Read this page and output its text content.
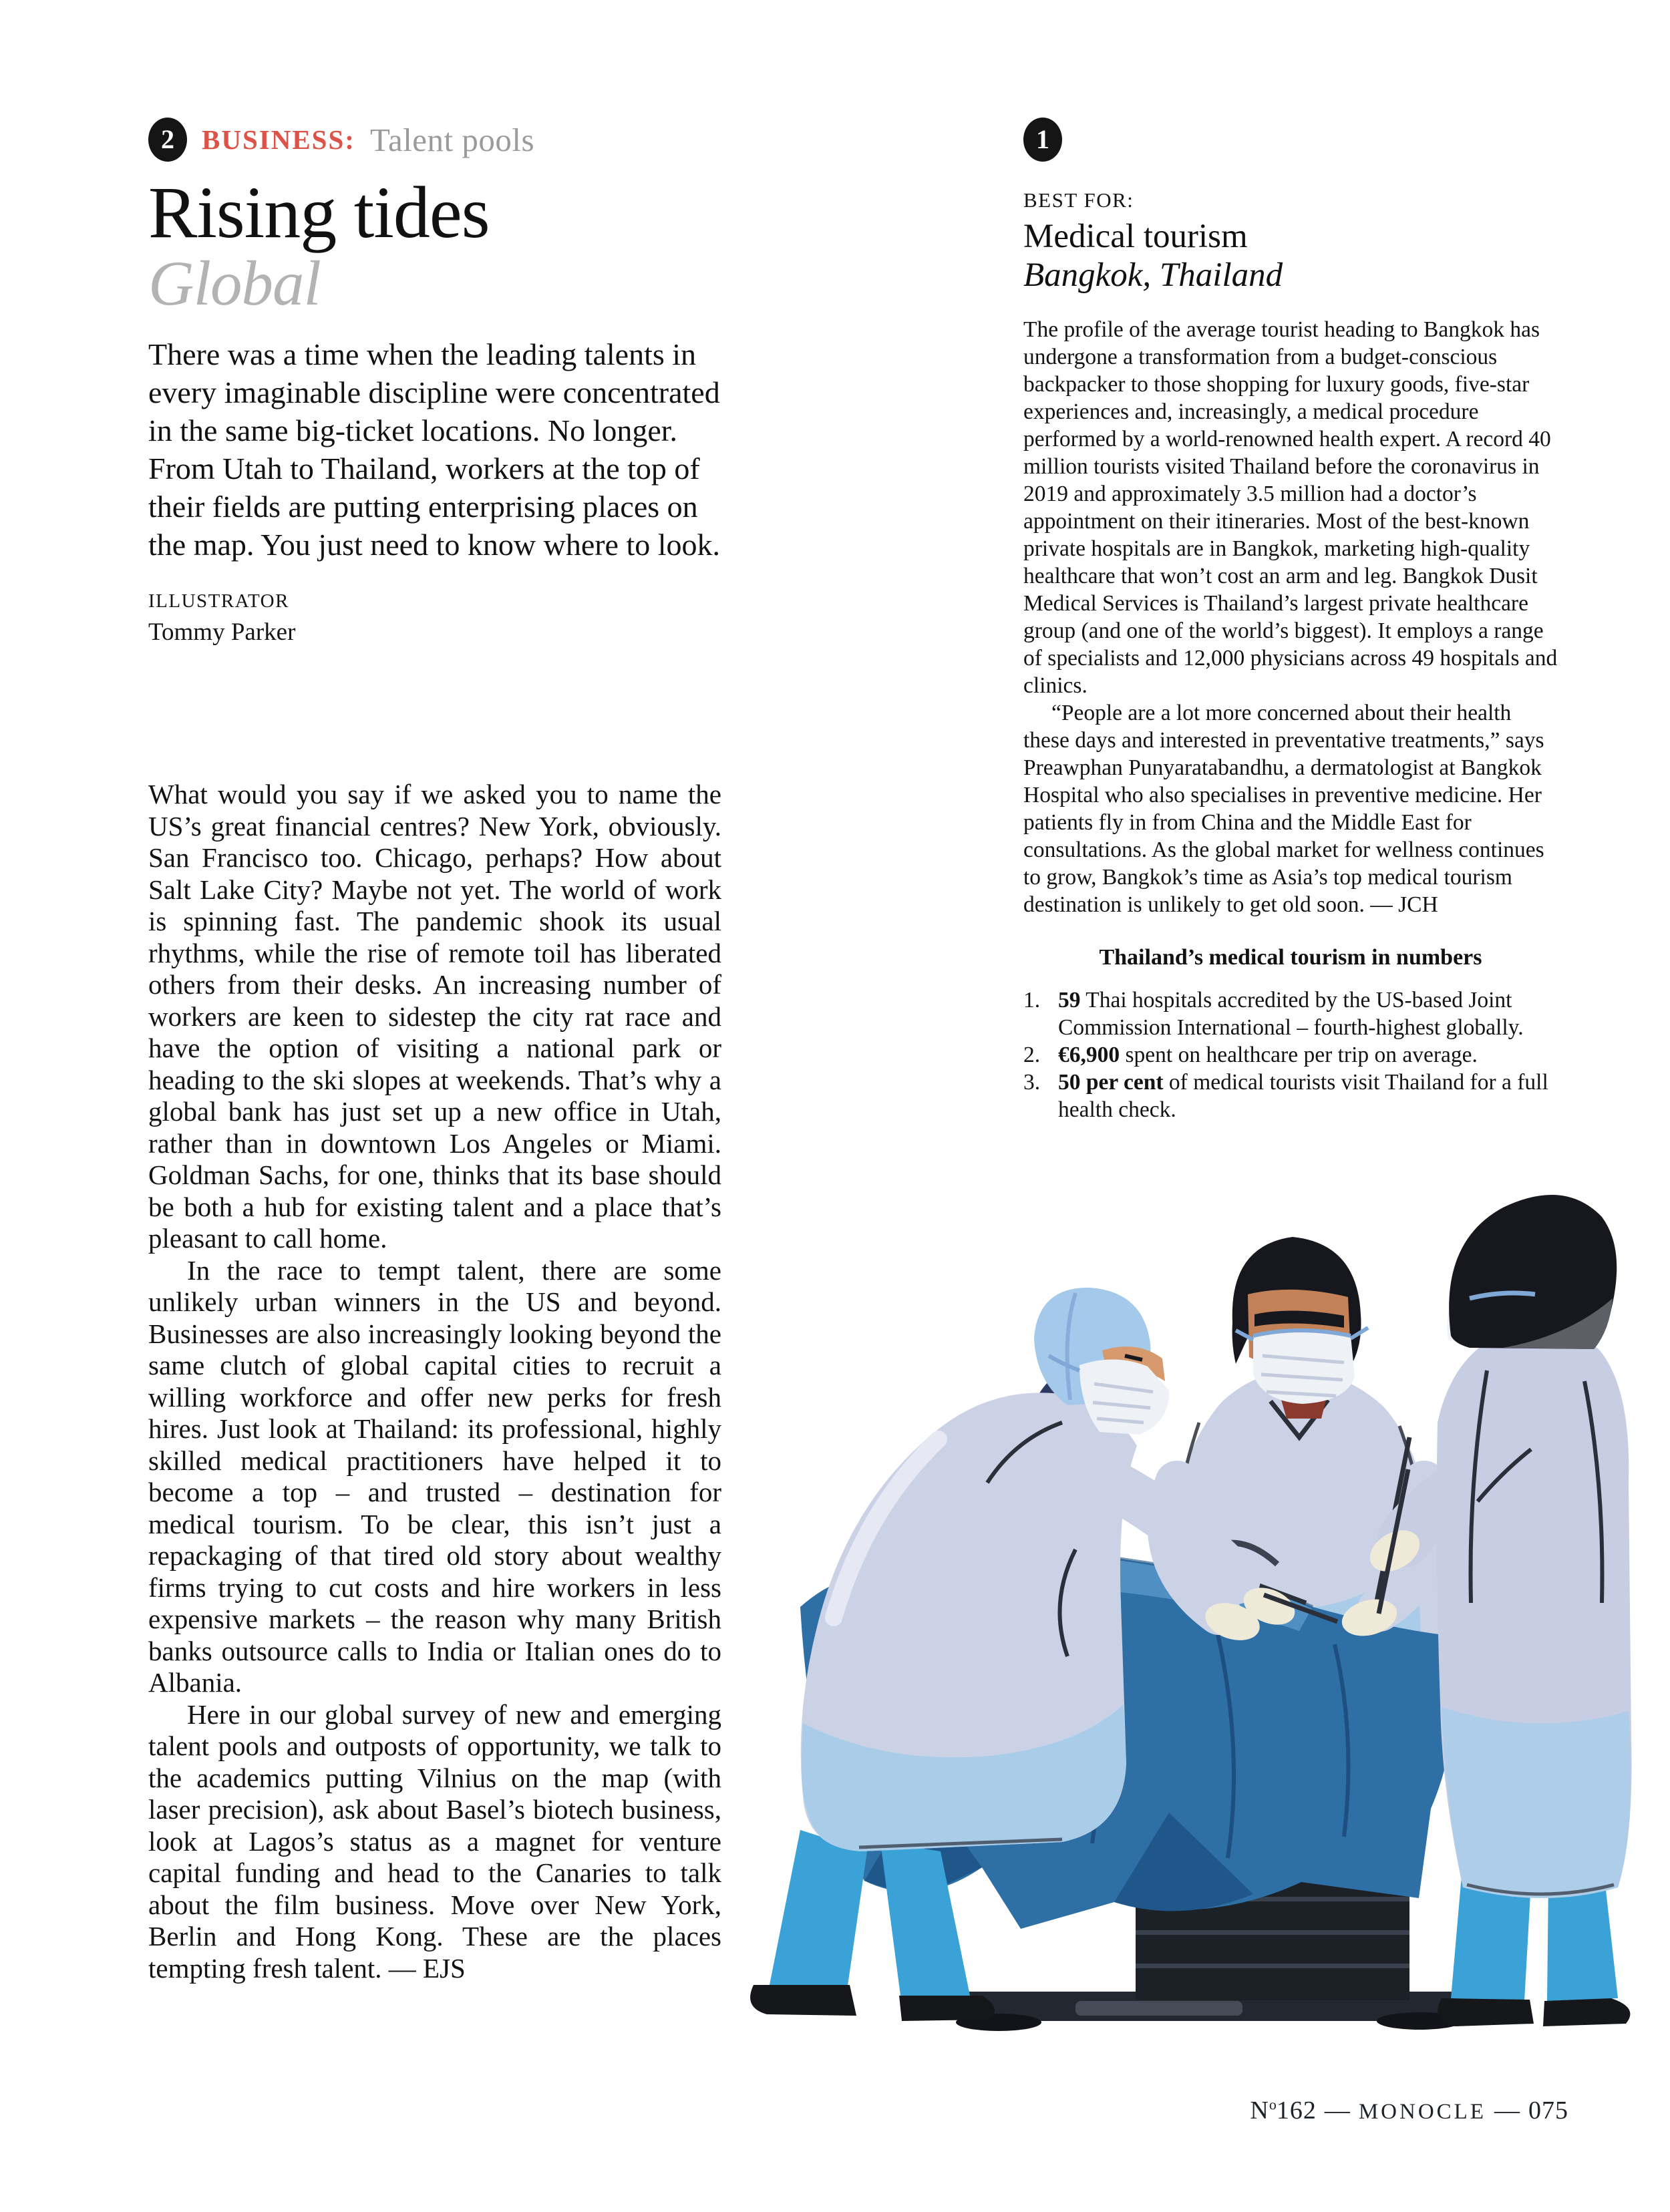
2	BUSINESS: Talent pools
Rising tides
Global

There was a time when the leading talents in every imaginable discipline were concentrated in the same big-ticket locations. No longer. From Utah to Thailand, workers at the top of their fields are putting enterprising places on the map. You just need to know where to look.

ILLUSTRATOR
Tommy Parker

What would you say if we asked you to name the US’s great financial centres? New York, obviously. San Francisco too. Chicago, perhaps? How about Salt Lake City? Maybe not yet. The world of work is spinning fast. The pandemic shook its usual rhythms, while the rise of remote toil has liberated others from their desks. An increasing number of workers are keen to sidestep the city rat race and have the option of visiting a national park or heading to the ski slopes at weekends. That’s why a global bank has just set up a new office in Utah, rather than in downtown Los Angeles or Miami. Goldman Sachs, for one, thinks that its base should be both a hub for existing talent and a place that’s pleasant to call home.

In the race to tempt talent, there are some unlikely urban winners in the US and beyond. Businesses are also increasingly looking beyond the same clutch of global capital cities to recruit a willing workforce and offer new perks for fresh hires. Just look at Thailand: its professional, highly skilled medical practitioners have helped it to become a top – and trusted – destination for medical tourism. To be clear, this isn’t just a repackaging of that tired old story about wealthy firms trying to cut costs and hire workers in less expensive markets – the reason why many British banks outsource calls to India or Italian ones do to Albania.

Here in our global survey of new and emerging talent pools and outposts of opportunity, we talk to the academics putting Vilnius on the map (with laser precision), ask about Basel’s biotech business, look at Lagos’s status as a magnet for venture capital funding and head to the Canaries to talk about the film business. Move over New York, Berlin and Hong Kong. These are the places tempting fresh talent. — EJS

1
BEST FOR:
Medical tourism
Bangkok, Thailand

The profile of the average tourist heading to Bangkok has undergone a transformation from a budget-conscious backpacker to those shopping for luxury goods, five-star experiences and, increasingly, a medical procedure performed by a world-renowned health expert. A record 40 million tourists visited Thailand before the coronavirus in 2019 and approximately 3.5 million had a doctor’s appointment on their itineraries. Most of the best-known private hospitals are in Bangkok, marketing high-quality healthcare that won’t cost an arm and leg. Bangkok Dusit Medical Services is Thailand’s largest private healthcare group (and one of the world’s biggest). It employs a range of specialists and 12,000 physicians across 49 hospitals and clinics.

“People are a lot more concerned about their health these days and interested in preventative treatments,” says Preawphan Punyaratabandhu, a dermatologist at Bangkok Hospital who also specialises in preventive medicine. Her patients fly in from China and the Middle East for consultations. As the global market for wellness continues to grow, Bangkok’s time as Asia’s top medical tourism destination is unlikely to get old soon. — JCH

Thailand’s medical tourism in numbers
1. 59 Thai hospitals accredited by the US-based Joint Commission International – fourth-highest globally.
2. €6,900 spent on healthcare per trip on average.
3. 50 per cent of medical tourists visit Thailand for a full health check.
$N^o162$ — MONOCLE — 075
